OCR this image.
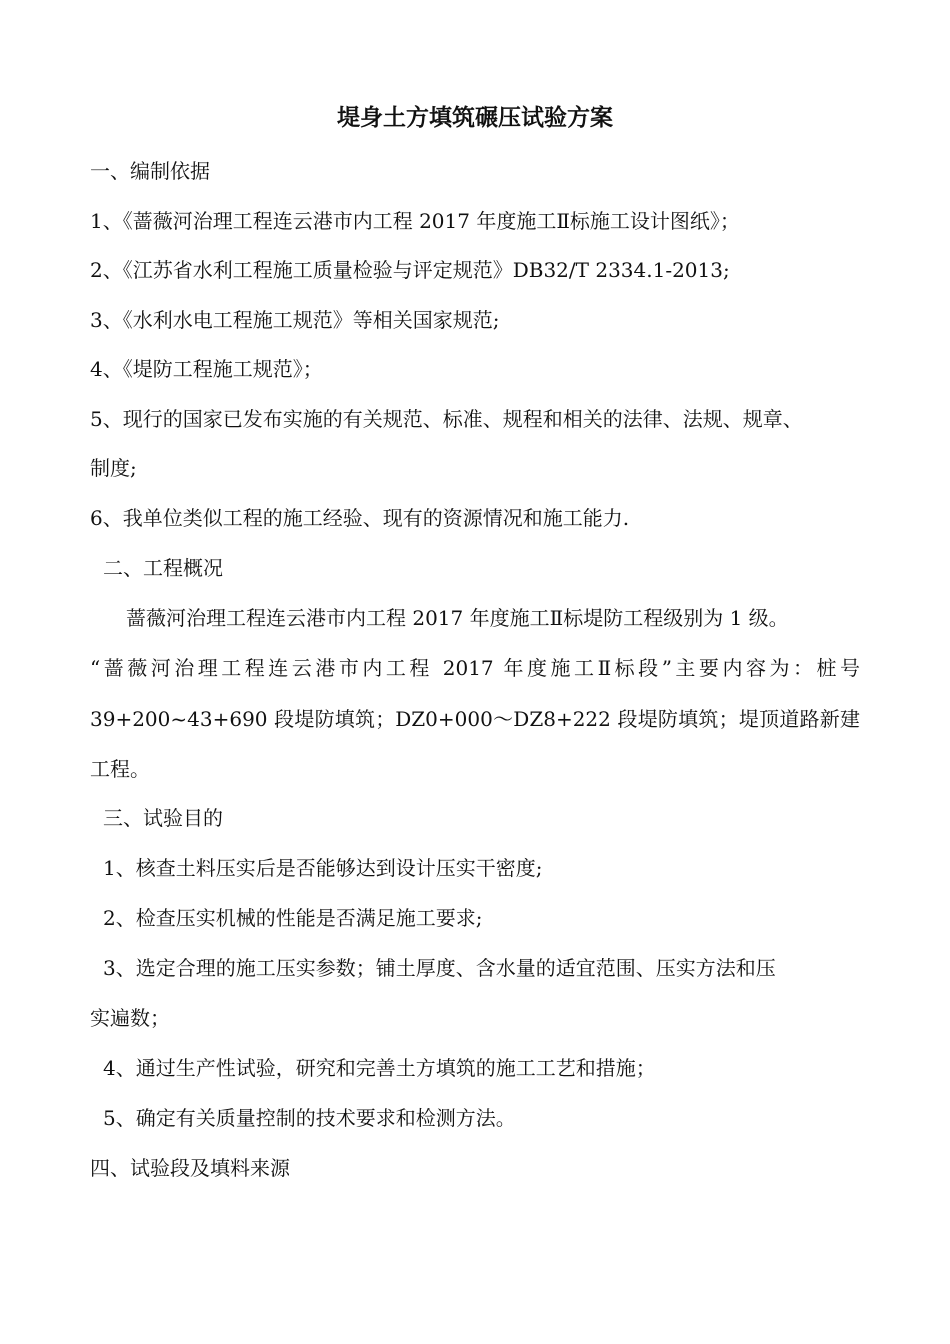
堤身土方填筑碾压试验方案
一、编制依据
1、《蔷薇河治理工程连云港市内工程 2017 年度施工Ⅱ标施工设计图纸》；
2、《江苏省水利工程施工质量检验与评定规范》DB32/T 2334.1-2013;
3、《水利水电工程施工规范》等相关国家规范;
4、《堤防工程施工规范》；
5、现行的国家已发布实施的有关规范、标准、规程和相关的法律、法规、规章、
制度;
6、我单位类似工程的施工经验、现有的资源情况和施工能力.
二、工程概况
蔷薇河治理工程连云港市内工程 2017 年度施工Ⅱ标堤防工程级别为 1 级。
“蔷薇河治理工程连云港市内工程 2017 年度施工Ⅱ标段”主要内容为：桩号
39+200~43+690 段堤防填筑；DZ0+000～DZ8+222 段堤防填筑；堤顶道路新建
工程。
三、试验目的
1、核查土料压实后是否能够达到设计压实干密度;
2、检查压实机械的性能是否满足施工要求;
3、选定合理的施工压实参数；铺土厚度、含水量的适宜范围、压实方法和压
实遍数；
4、通过生产性试验，研究和完善土方填筑的施工工艺和措施；
5、确定有关质量控制的技术要求和检测方法。
四、试验段及填料来源
